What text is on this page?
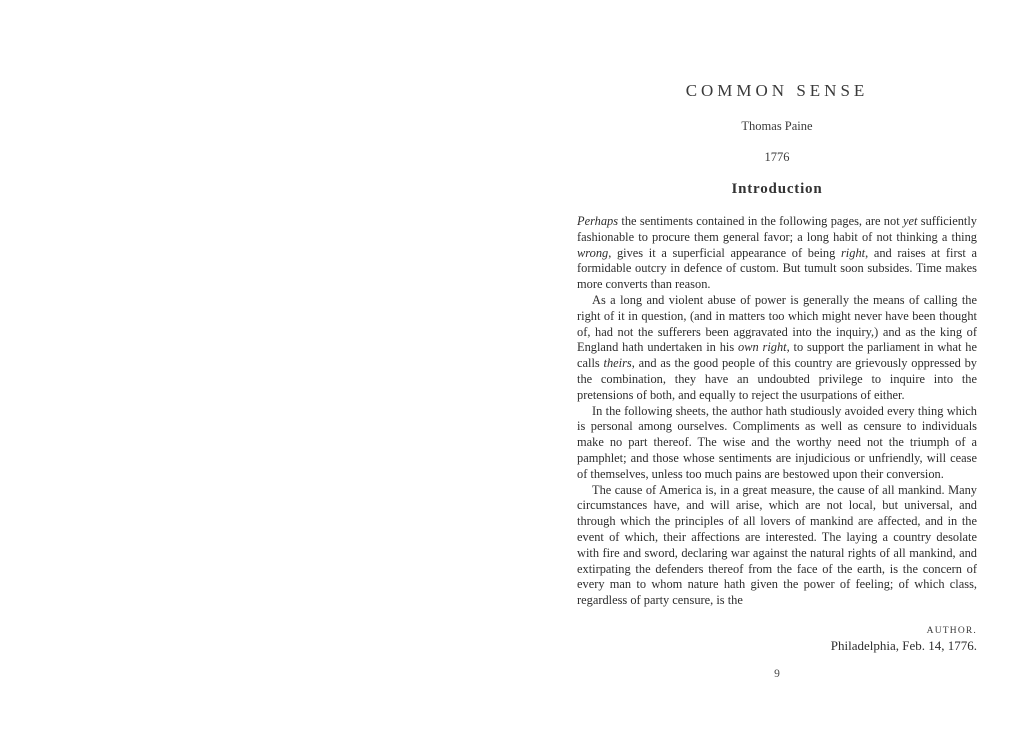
COMMON SENSE
Thomas Paine
1776
Introduction

Perhaps the sentiments contained in the following pages, are not yet sufficiently fashionable to procure them general favor; a long habit of not thinking a thing wrong, gives it a superficial appearance of being right, and raises at first a formidable outcry in defence of custom. But tumult soon subsides. Time makes more converts than reason.

As a long and violent abuse of power is generally the means of calling the right of it in question, (and in matters too which might never have been thought of, had not the sufferers been aggravated into the inquiry,) and as the king of England hath undertaken in his own right, to support the parliament in what he calls theirs, and as the good people of this country are grievously oppressed by the combination, they have an undoubted privilege to inquire into the pretensions of both, and equally to reject the usurpations of either.

In the following sheets, the author hath studiously avoided every thing which is personal among ourselves. Compliments as well as censure to individuals make no part thereof. The wise and the worthy need not the triumph of a pamphlet; and those whose sentiments are injudicious or unfriendly, will cease of themselves, unless too much pains are bestowed upon their conversion.

The cause of America is, in a great measure, the cause of all mankind. Many circumstances have, and will arise, which are not local, but universal, and through which the principles of all lovers of mankind are affected, and in the event of which, their affections are interested. The laying a country desolate with fire and sword, declaring war against the natural rights of all mankind, and extirpating the defenders thereof from the face of the earth, is the concern of every man to whom nature hath given the power of feeling; of which class, regardless of party censure, is the

AUTHOR.
Philadelphia, Feb. 14, 1776.
9
